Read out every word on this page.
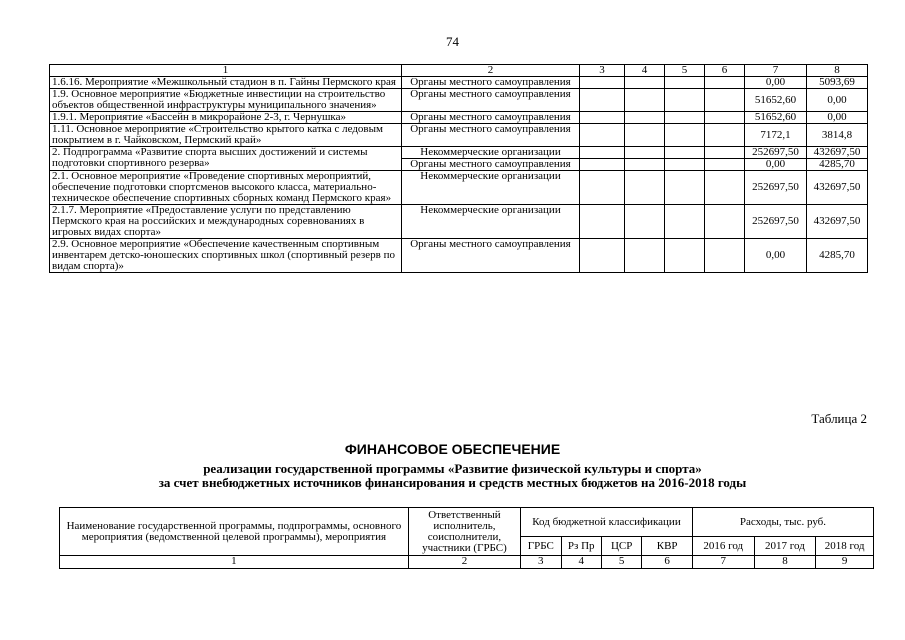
74
1	2	3	4	5	6	7	8
1.6.16. Мероприятие «Межшкольный стадион в п. Гайны Пермского края	Органы местного самоуправления					0,00	5093,69
1.9. Основное мероприятие «Бюджетные инвестиции на строительство объектов общественной инфраструктуры муниципального значения»	Органы местного самоуправления					51652,60	0,00
1.9.1. Мероприятие «Бассейн в микрорайоне 2-3, г. Чернушка»	Органы местного самоуправления					51652,60	0,00
1.11. Основное мероприятие «Строительство крытого катка с ледовым покрытием в г. Чайковском, Пермский край»	Органы местного самоуправления					7172,1	3814,8
2. Подпрограмма «Развитие спорта высших достижений и системы подготовки спортивного резерва»	Некоммерческие организации					252697,50	432697,50
	Органы местного самоуправления					0,00	4285,70
2.1. Основное мероприятие «Проведение спортивных мероприятий, обеспечение подготовки спортсменов высокого класса, материально-техническое обеспечение спортивных сборных команд Пермского края»	Некоммерческие организации					252697,50	432697,50
2.1.7. Мероприятие «Предоставление услуги по представлению Пермского края на российских и международных соревнованиях в игровых видах спорта»	Некоммерческие организации					252697,50	432697,50
2.9. Основное мероприятие «Обеспечение качественным спортивным инвентарем детско-юношеских спортивных школ (спортивный резерв по видам спорта)»	Органы местного самоуправления					0,00	4285,70
Таблица 2
ФИНАНСОВОЕ ОБЕСПЕЧЕНИЕ
реализации государственной программы «Развитие физической культуры и спорта»
за счет внебюджетных источников финансирования и средств местных бюджетов на 2016-2018 годы
Наименование государственной программы, подпрограммы, основного мероприятия (ведомственной целевой программы), мероприятия	Ответственный исполнитель, соисполнители, участники (ГРБС)	Код бюджетной классификации				Расходы, тыс. руб.		
		ГРБС	Рз Пр	ЦСР	КВР	2016 год	2017 год	2018 год
1	2	3	4	5	6	7	8	9
